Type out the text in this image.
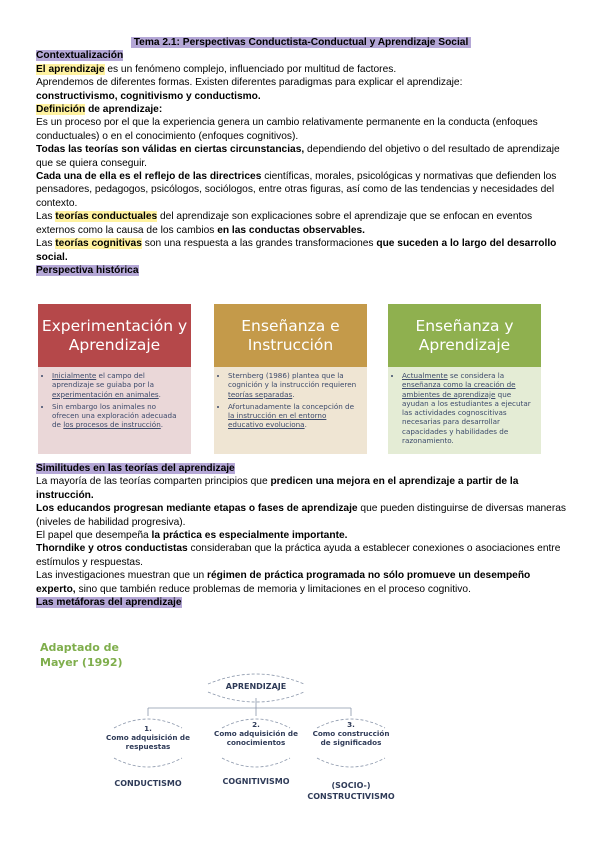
Tema 2.1: Perspectivas Conductista-Conductual y Aprendizaje Social

Contextualización

El aprendizaje es un fenómeno complejo, influenciado por multitud de factores.

Aprendemos de diferentes formas. Existen diferentes paradigmas para explicar el aprendizaje:

constructivismo, cognitivismo y conductismo.

Definición de aprendizaje:

Es un proceso por el que la experiencia genera un cambio relativamente permanente en la conducta (enfoques conductuales) o en el conocimiento (enfoques cognitivos).

Todas las teorías son válidas en ciertas circunstancias, dependiendo del objetivo o del resultado de aprendizaje que se quiera conseguir.

Cada una de ella es el reflejo de las directrices científicas, morales, psicológicas y normativas que defienden los pensadores, pedagogos, psicólogos, sociólogos, entre otras figuras, así como de las tendencias y necesidades del contexto.

Las teorías conductuales del aprendizaje son explicaciones sobre el aprendizaje que se enfocan en eventos externos como la causa de los cambios en las conductas observables.

Las teorías cognitivas son una respuesta a las grandes transformaciones que suceden a lo largo del desarrollo social.

Perspectiva histórica

Experimentación y Aprendizaje
• Inicialmente el campo del aprendizaje se guiaba por la experimentación en animales.
• Sin embargo los animales no ofrecen una exploración adecuada de los procesos de instrucción.
Enseñanza e Instrucción
• Sternberg (1986) plantea que la cognición y la instrucción requieren teorías separadas.
• Afortunadamente la concepción de la instrucción en el entorno educativo evoluciona.
Enseñanza y Aprendizaje
• Actualmente se considera la enseñanza como la creación de ambientes de aprendizaje que ayudan a los estudiantes a ejecutar las actividades cognoscitivas necesarias para desarrollar capacidades y habilidades de razonamiento.

Similitudes en las teorías del aprendizaje

La mayoría de las teorías comparten principios que predicen una mejora en el aprendizaje a partir de la instrucción.

Los educandos progresan mediante etapas o fases de aprendizaje que pueden distinguirse de diversas maneras (niveles de habilidad progresiva).

El papel que desempeña la práctica es especialmente importante.

Thorndike y otros conductistas consideraban que la práctica ayuda a establecer conexiones o asociaciones entre estímulos y respuestas.

Las investigaciones muestran que un régimen de práctica programada no sólo promueve un desempeño experto, sino que también reduce problemas de memoria y limitaciones en el proceso cognitivo.

Las metáforas del aprendizaje

Adaptado de Mayer (1992)
APRENDIZAJE
1.
Como adquisición de respuestas
CONDUCTISMO
2.
Como adquisición de conocimientos
COGNITIVISMO
3.
Como construcción de significados
(SOCIO-) CONSTRUCTIVISMO
